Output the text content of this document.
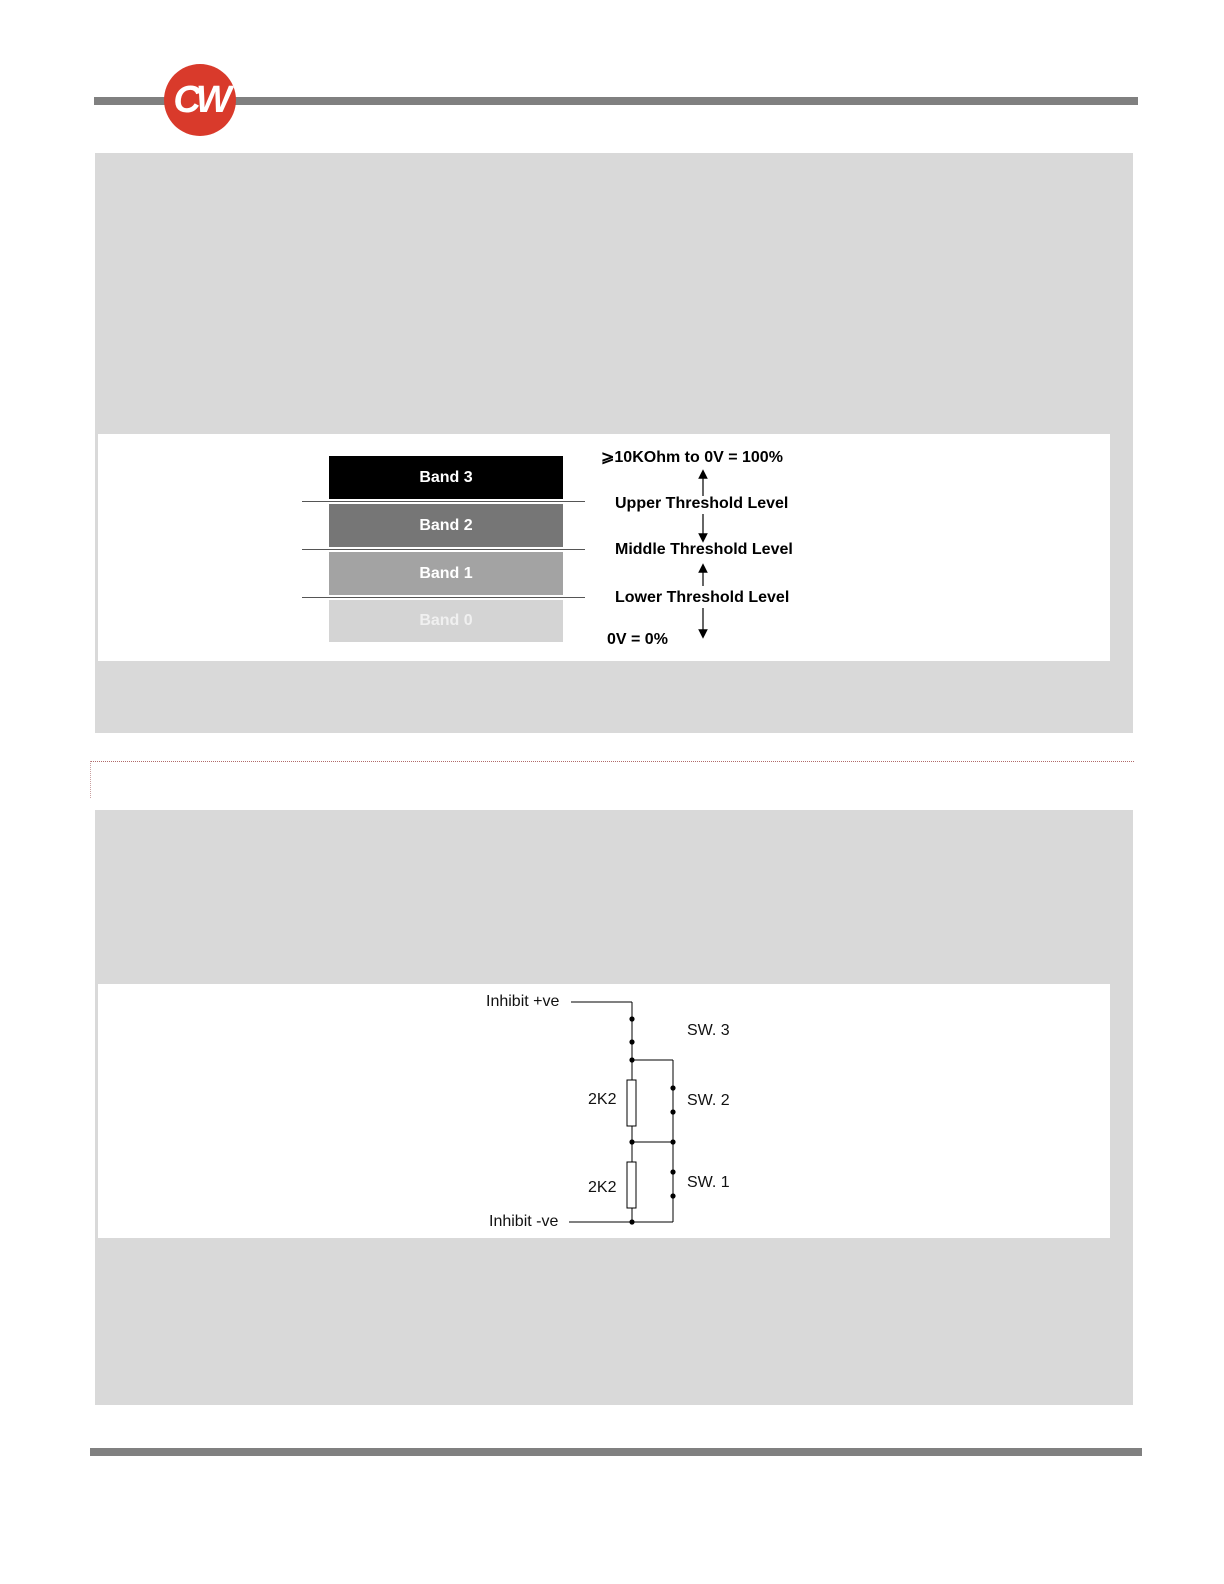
CW
Band 3
Band 2
Band 1
Band 0
⩾10KOhm to 0V = 100%
Upper Threshold Level
Middle Threshold Level
Lower Threshold Level
0V = 0%
Inhibit +ve
Inhibit -ve
2K2
2K2
SW. 3
SW. 2
SW. 1
